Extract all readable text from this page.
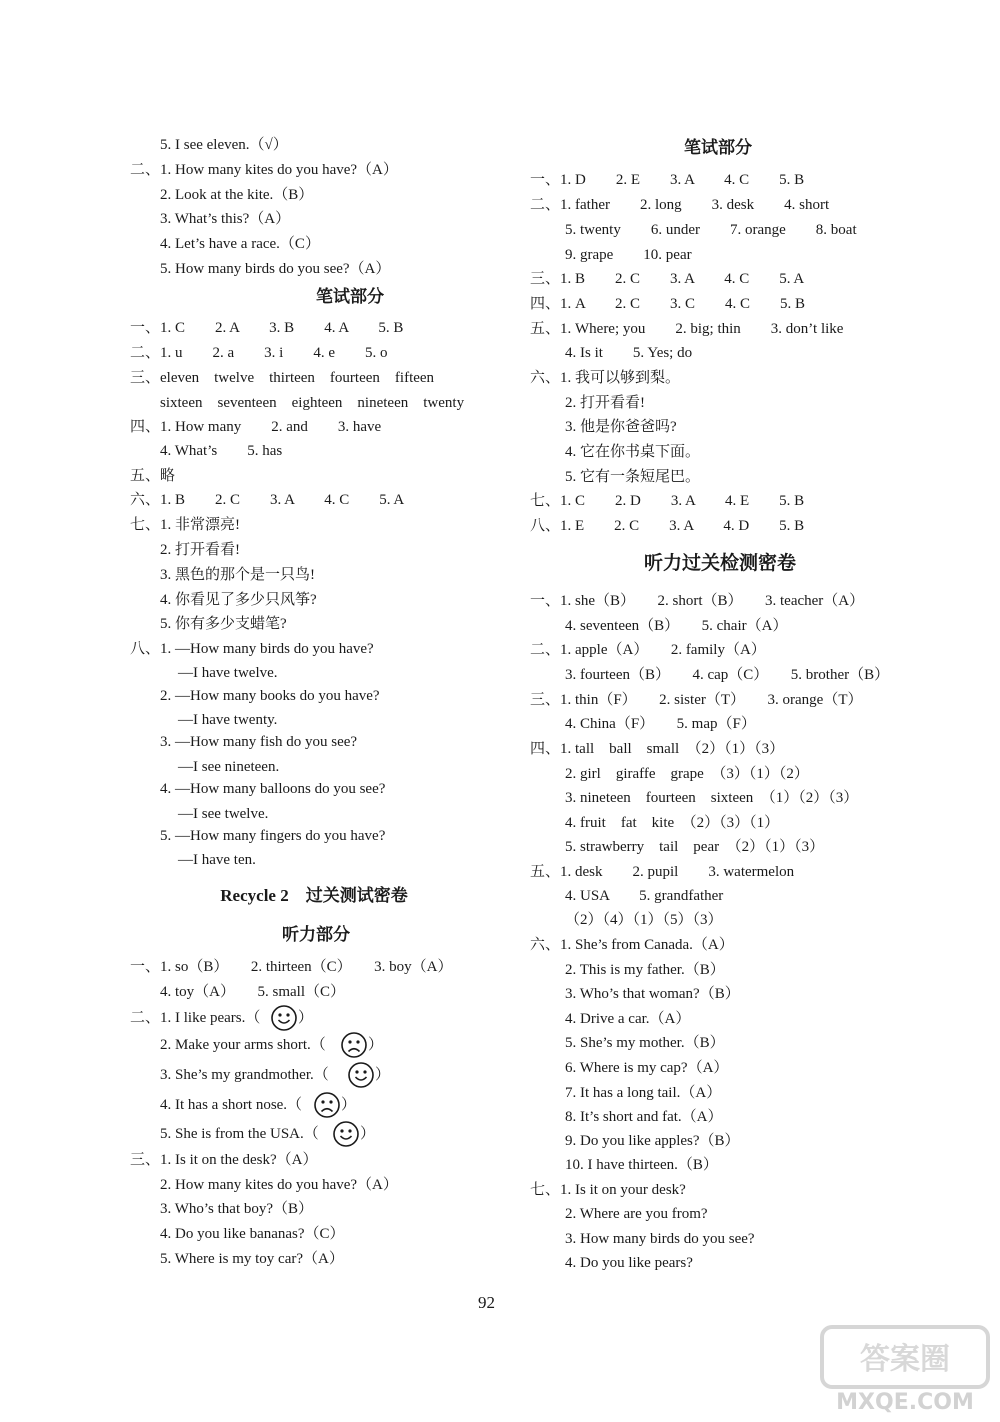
5. I see eleven.（√）
二、1. How many kites do you have?（A）
2. Look at the kite.（B）
3. What’s this?（A）
4. Let’s have a race.（C）
5. How many birds do you see?（A）
一、1. C　　2. A　　3. B　　4. A　　5. B
二、1. u　　2. a　　3. i　　4. e　　5. o
三、eleven　twelve　thirteen　fourteen　fifteen
sixteen　seventeen　eighteen　nineteen　twenty
四、1. How many　　2. and　　3. have
4. What’s　　5. has
五、略
六、1. B　　2. C　　3. A　　4. C　　5. A
七、1. 非常漂亮!
2. 打开看看!
3. 黑色的那个是一只鸟!
4. 你看见了多少只风筝?
5. 你有多少支蜡笔?
八、1. —How many birds do you have?
—I have twelve.
2. —How many books do you have?
—I have twenty.
3. —How many fish do you see?
—I see nineteen.
4. —How many balloons do you see?
—I see twelve.
5. —How many fingers do you have?
—I have ten.
一、1. so（B）　　2. thirteen（C）　　3. boy（A）
4. toy（A）　　5. small（C）
二、1. I like pears.（
2. Make your arms short.（
3. She’s my grandmother.（
4. It has a short nose.（
5. She is from the USA.（
三、1. Is it on the desk?（A）
2. How many kites do you have?（A）
3. Who’s that boy?（B）
4. Do you like bananas?（C）
5. Where is my toy car?（A）
笔试部分
Recycle 2　过关测试密卷
听力部分
）
）
）
）
）
一、1. D　　2. E　　3. A　　4. C　　5. B
二、1. father　　2. long　　3. desk　　4. short
5. twenty　　6. under　　7. orange　　8. boat
9. grape　　10. pear
三、1. B　　2. C　　3. A　　4. C　　5. A
四、1. A　　2. C　　3. C　　4. C　　5. B
五、1. Where; you　　2. big; thin　　3. don’t like
4. Is it　　5. Yes; do
六、1. 我可以够到梨。
2. 打开看看!
3. 他是你爸爸吗?
4. 它在你书桌下面。
5. 它有一条短尾巴。
七、1. C　　2. D　　3. A　　4. E　　5. B
八、1. E　　2. C　　3. A　　4. D　　5. B
一、1. she（B）　　2. short（B）　　3. teacher（A）
4. seventeen（B）　　5. chair（A）
二、1. apple（A）　　2. family（A）
3. fourteen（B）　　4. cap（C）　　5. brother（B）
三、1. thin（F）　　2. sister（T）　　3. orange（T）
4. China（F）　　5. map（F）
四、1. tall　ball　small　（2）（1）（3）
2. girl　giraffe　grape　（3）（1）（2）
3. nineteen　fourteen　sixteen　（1）（2）（3）
4. fruit　fat　kite　（2）（3）（1）
5. strawberry　tail　pear　（2）（1）（3）
五、1. desk　　2. pupil　　3. watermelon
4. USA　　5. grandfather
（2）（4）（1）（5）（3）
六、1. She’s from Canada.（A）
2. This is my father.（B）
3. Who’s that woman?（B）
4. Drive a car.（A）
5. She’s my mother.（B）
6. Where is my cap?（A）
7. It has a long tail.（A）
8. It’s short and fat.（A）
9. Do you like apples?（B）
10. I have thirteen.（B）
七、1. Is it on your desk?
2. Where are you from?
3. How many birds do you see?
4. Do you like pears?
笔试部分
听力过关检测密卷
92
答案圈
MXQE.COM
